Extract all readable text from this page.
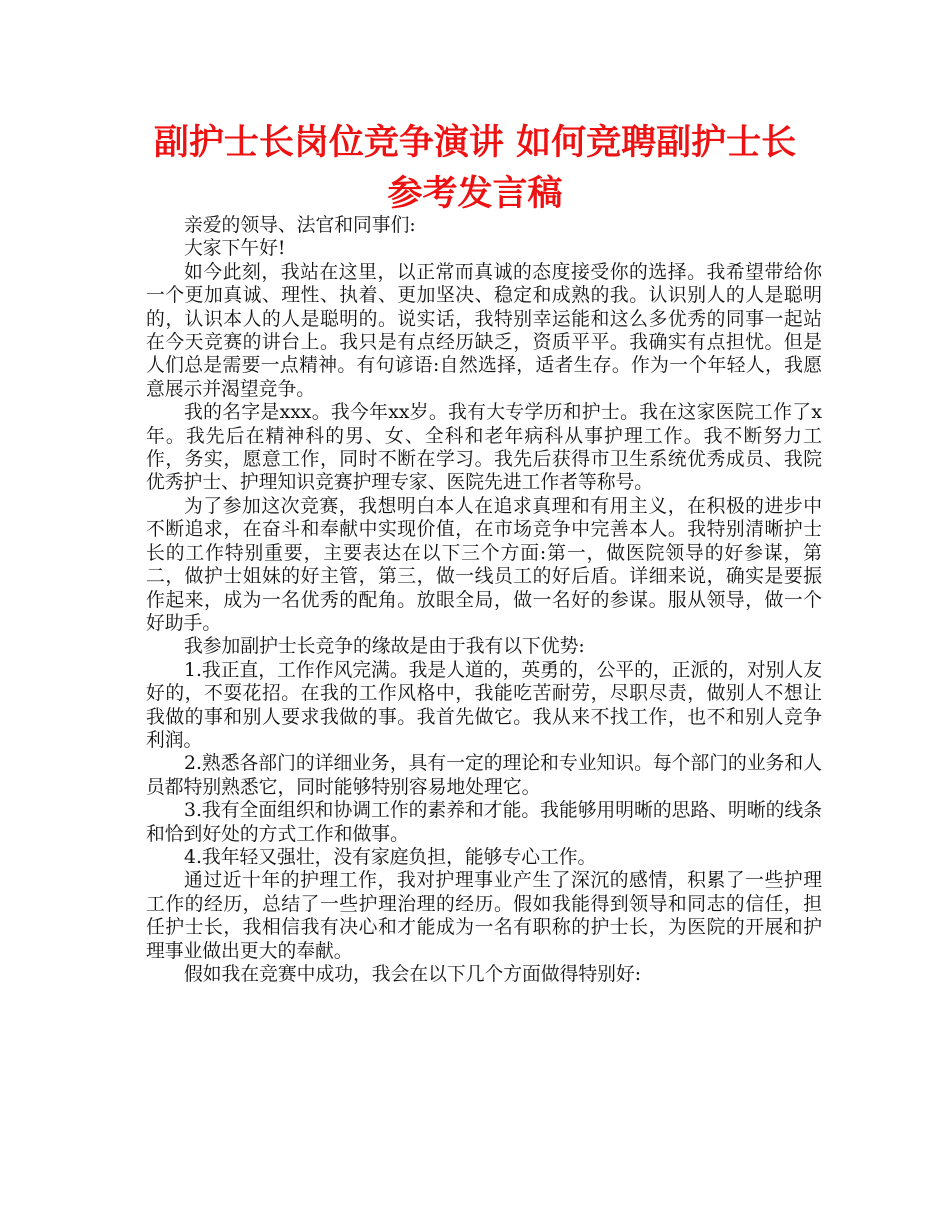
副护士长岗位竞争演讲 如何竞聘副护士长
参考发言稿

亲爱的领导、法官和同事们:

大家下午好!

如今此刻，我站在这里，以正常而真诚的态度接受你的选择。我希望带给你一个更加真诚、理性、执着、更加坚决、稳定和成熟的我。认识别人的人是聪明的，认识本人的人是聪明的。说实话，我特别幸运能和这么多优秀的同事一起站在今天竞赛的讲台上。我只是有点经历缺乏，资质平平。我确实有点担忧。但是人们总是需要一点精神。有句谚语:自然选择，适者生存。作为一个年轻人，我愿意展示并渴望竞争。

我的名字是xxx。我今年xx岁。我有大专学历和护士。我在这家医院工作了x年。我先后在精神科的男、女、全科和老年病科从事护理工作。我不断努力工作，务实，愿意工作，同时不断在学习。我先后获得市卫生系统优秀成员、我院优秀护士、护理知识竞赛护理专家、医院先进工作者等称号。

为了参加这次竞赛，我想明白本人在追求真理和有用主义，在积极的进步中不断追求，在奋斗和奉献中实现价值，在市场竞争中完善本人。我特别清晰护士长的工作特别重要，主要表达在以下三个方面:第一，做医院领导的好参谋，第二，做护士姐妹的好主管，第三，做一线员工的好后盾。详细来说，确实是要振作起来，成为一名优秀的配角。放眼全局，做一名好的参谋。服从领导，做一个好助手。

我参加副护士长竞争的缘故是由于我有以下优势:

1.我正直，工作作风完满。我是人道的，英勇的，公平的，正派的，对别人友好的，不耍花招。在我的工作风格中，我能吃苦耐劳，尽职尽责，做别人不想让我做的事和别人要求我做的事。我首先做它。我从来不找工作，也不和别人竞争利润。

2.熟悉各部门的详细业务，具有一定的理论和专业知识。每个部门的业务和人员都特别熟悉它，同时能够特别容易地处理它。

3.我有全面组织和协调工作的素养和才能。我能够用明晰的思路、明晰的线条和恰到好处的方式工作和做事。

4.我年轻又强壮，没有家庭负担，能够专心工作。

通过近十年的护理工作，我对护理事业产生了深沉的感情，积累了一些护理工作的经历，总结了一些护理治理的经历。假如我能得到领导和同志的信任，担任护士长，我相信我有决心和才能成为一名有职称的护士长，为医院的开展和护理事业做出更大的奉献。

假如我在竞赛中成功，我会在以下几个方面做得特别好:
